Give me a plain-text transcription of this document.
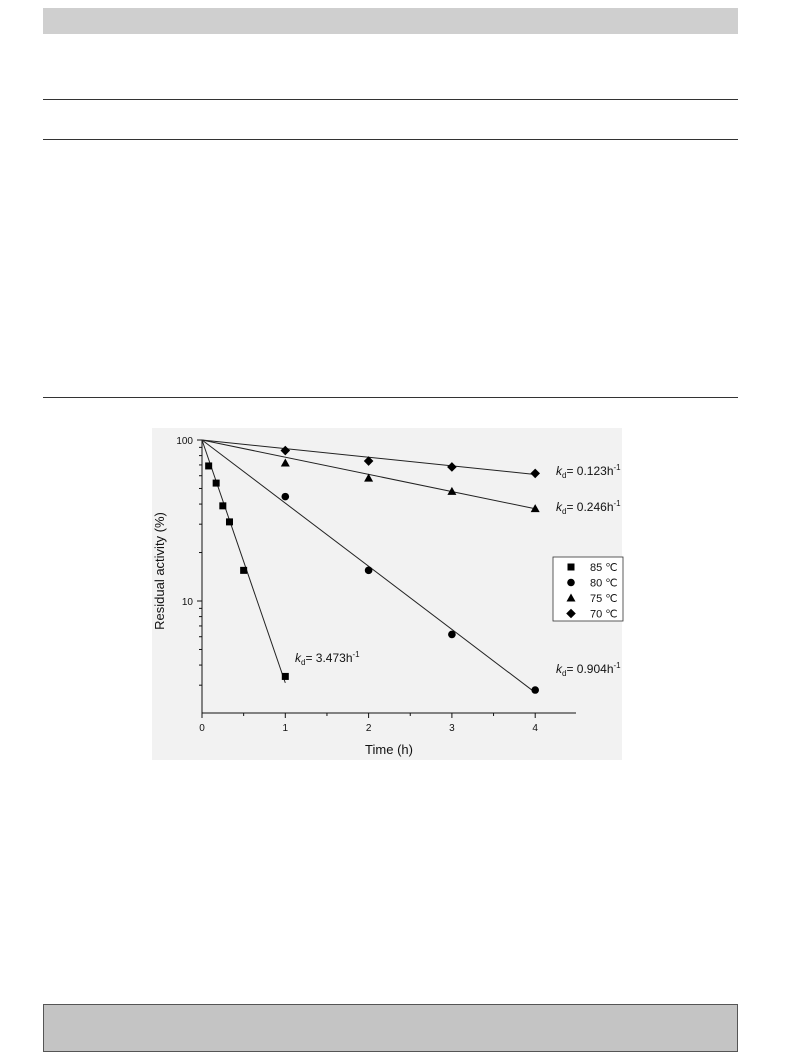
0	1	2	3	4
10
100
$k_d= 3.473h^{-1}$
$k_d= 0.904h^{-1}$
$k_d= 0.246h^{-1}$
$k_d= 0.123h^{-1}$
85 ℃
80 ℃
75 ℃
70 ℃
Time (h)
Residual activity (%)
